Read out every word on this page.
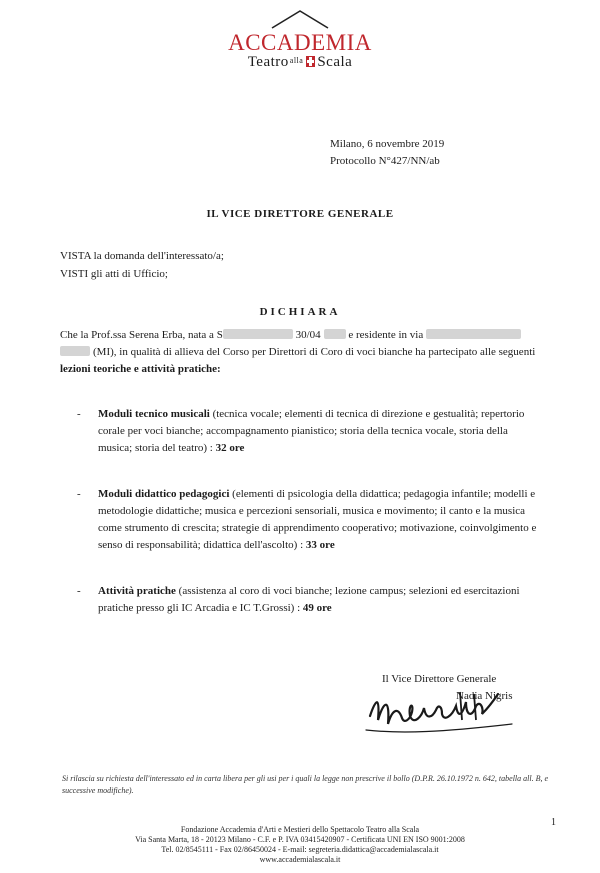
ACCADEMIA
Teatro$^{alla}$ Scala
Milano, 6 novembre 2019
Protocollo N°427/NN/ab
IL VICE DIRETTORE GENERALE
VISTA la domanda dell'interessato/a;
VISTI gli atti di Ufficio;
DICHIARA
Che la Prof.ssa Serena Erba, nata a S	30/04 e residente in via
(MI), in qualità di allieva del Corso per Direttori di Coro di voci bianche ha partecipato alle seguenti
lezioni teoriche e attività pratiche:
- Moduli tecnico musicali (tecnica vocale; elementi di tecnica di direzione e gestualità; repertorio corale per voci bianche; accompagnamento pianistico; storia della tecnica vocale, storia della musica; storia del teatro) : 32 ore
- Moduli didattico pedagogici (elementi di psicologia della didattica; pedagogia infantile; modelli e metodologie didattiche; musica e percezioni sensoriali, musica e movimento; il canto e la musica come strumento di crescita; strategie di apprendimento cooperativo; motivazione, coinvolgimento e senso di responsabilità; didattica dell'ascolto) : 33 ore
- Attività pratiche (assistenza al coro di voci bianche; lezione campus; selezioni ed esercitazioni pratiche presso gli IC Arcadia e IC T.Grossi) : 49 ore
Il Vice Direttore Generale
Nadia Nigris
Si rilascia su richiesta dell'interessato ed in carta libera per gli usi per i quali la legge non prescrive il bollo (D.P.R. 26.10.1972 n. 642, tabella all. B, e successive modifiche).
1
Fondazione Accademia d'Arti e Mestieri dello Spettacolo Teatro alla Scala
Via Santa Marta, 18 - 20123 Milano - C.F. e P. IVA 03415420907 - Certificata UNI EN ISO 9001:2008
Tel. 02/8545111 - Fax 02/86450024 - E-mail: segreteria.didattica@accademialascala.it
www.accademialascala.it
